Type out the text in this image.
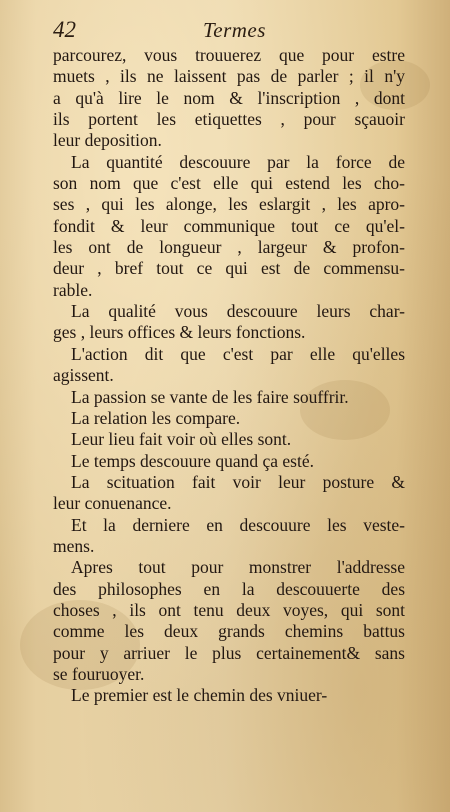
42	Termes
parcourez, vous trouuerez que pour estre
muets , ils ne laissent pas de parler ; il n'y
a qu'à lire le nom & l'inscription , dont
ils portent les etiquettes , pour sçauoir
leur deposition.
La quantité descouure par la force de
son nom que c'est elle qui estend les cho-
ses , qui les alonge, les eslargit , les apro-
fondit & leur communique tout ce qu'el-
les ont de longueur , largeur & profon-
deur , bref tout ce qui est de commensu-
rable.
La qualité vous descouure leurs char-
ges , leurs offices & leurs fonctions.
L'action dit que c'est par elle qu'elles
agissent.
La passion se vante de les faire souffrir.
La relation les compare.
Leur lieu fait voir où elles sont.
Le temps descouure quand ça esté.
La scituation fait voir leur posture &
leur conuenance.
Et la derniere en descouure les veste-
mens.
Apres tout pour monstrer l'addresse
des philosophes en la descouuerte des
choses , ils ont tenu deux voyes, qui sont
comme les deux grands chemins battus
pour y arriuer le plus certainement& sans
se fouruoyer.
Le premier est le chemin des vniuer-
